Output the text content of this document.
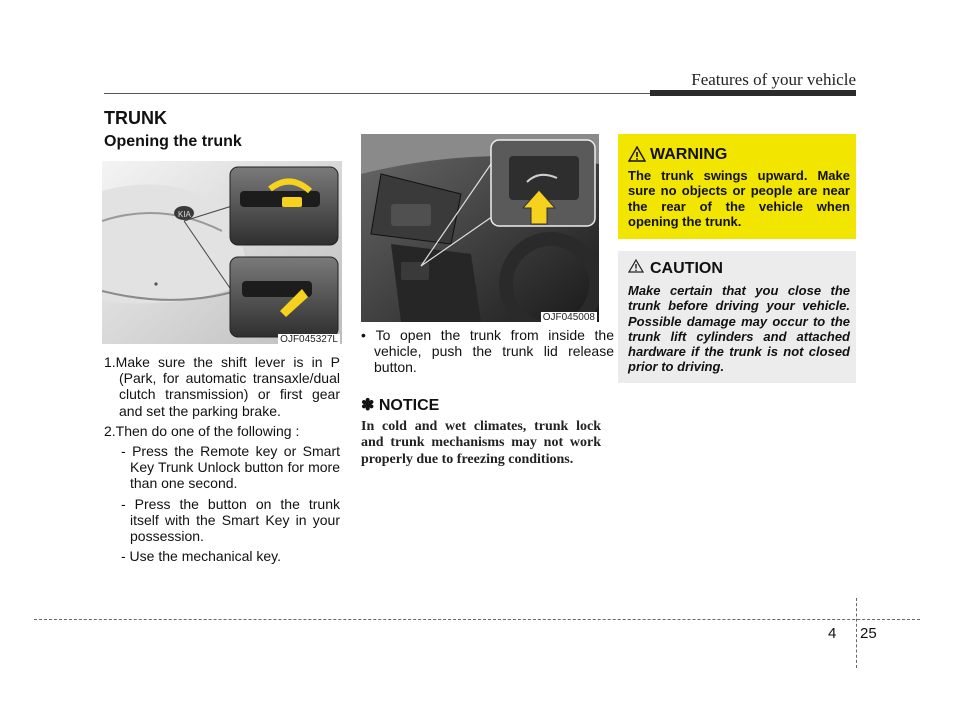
Features of your vehicle
TRUNK
Opening the trunk
KIA
OJF045327L
1.Make sure the shift lever is in P (Park, for automatic transaxle/dual clutch transmission) or first gear and set the parking brake.
2.Then do one of the following :
- Press the Remote key or Smart Key Trunk Unlock button for more than one second.
- Press the button on the trunk itself with the Smart Key in your possession.
- Use the mechanical key.
OJF045008
• To open the trunk from inside the vehicle, push the trunk lid release button.
✽ NOTICE
In cold and wet climates, trunk lock and trunk mechanisms may not work properly due to freezing conditions.
WARNING
The trunk swings upward. Make sure no objects or people are near the rear of the vehicle when opening the trunk.
CAUTION
Make certain that you close the trunk before driving your vehicle. Possible damage may occur to the trunk lift cylinders and attached hardware if the trunk is not closed prior to driving.
4 25
